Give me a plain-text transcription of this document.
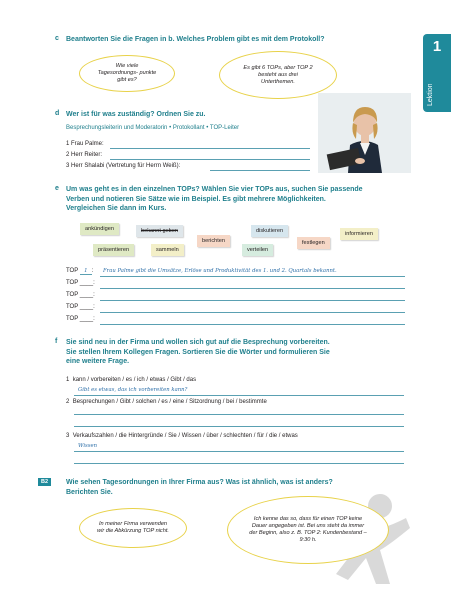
1
Lektion
c Beantworten Sie die Fragen in b. Welches Problem gibt es mit dem Protokoll?
Wie viele Tagesordnungs- punkte gibt es?
Es gibt 6 TOPs, aber TOP 2 besteht aus drei Unterthemen.
d Wer ist für was zuständig? Ordnen Sie zu.
Besprechungsleiterin und Moderatorin • Protokollant • TOP-Leiter
1 Frau Palme:
2 Herr Reiter:
3 Herr Shalabi (Vertretung für Herrn Weiß):
e Um was geht es in den einzelnen TOPs? Wählen Sie vier TOPs aus, suchen Sie passende
Verben und notieren Sie Sätze wie im Beispiel. Es gibt mehrere Möglichkeiten.
Vergleichen Sie dann im Kurs.
ankündigen	bekannt geben
berichten
diskutieren	informieren
präsentieren	sammeln	verteilen
festlegen
TOP 1 : Frau Palme gibt die Umsätze, Erlöse und Produktivität des 1. und 2. Quartals bekannt.
TOP ____:
TOP ____:
TOP ____:
TOP ____:
f Sie sind neu in der Firma und wollen sich gut auf die Besprechung vorbereiten.
Sie stellen Ihrem Kollegen Fragen. Sortieren Sie die Wörter und formulieren Sie
eine weitere Frage.
1 kann / vorbereiten / es / ich / etwas / Gibt / das
Gibt es etwas, das ich vorbereiten kann?
2 Besprechungen / Gibt / solchen / es / eine / Sitzordnung / bei / bestimmte
3 Verkaufszahlen / die Hintergründe / Sie / Wissen / über / schlechten / für / die / etwas
Wissen
B2	Wie sehen Tagesordnungen in Ihrer Firma aus? Was ist ähnlich, was ist anders?
Berichten Sie.
In meiner Firma verwenden wir die Abkürzung TOP nicht.
Ich kenne das so, dass für einen TOP keine Dauer angegeben ist. Bei uns steht da immer der Beginn, also z. B. TOP 2: Kundenbestand – 9:30 h.
